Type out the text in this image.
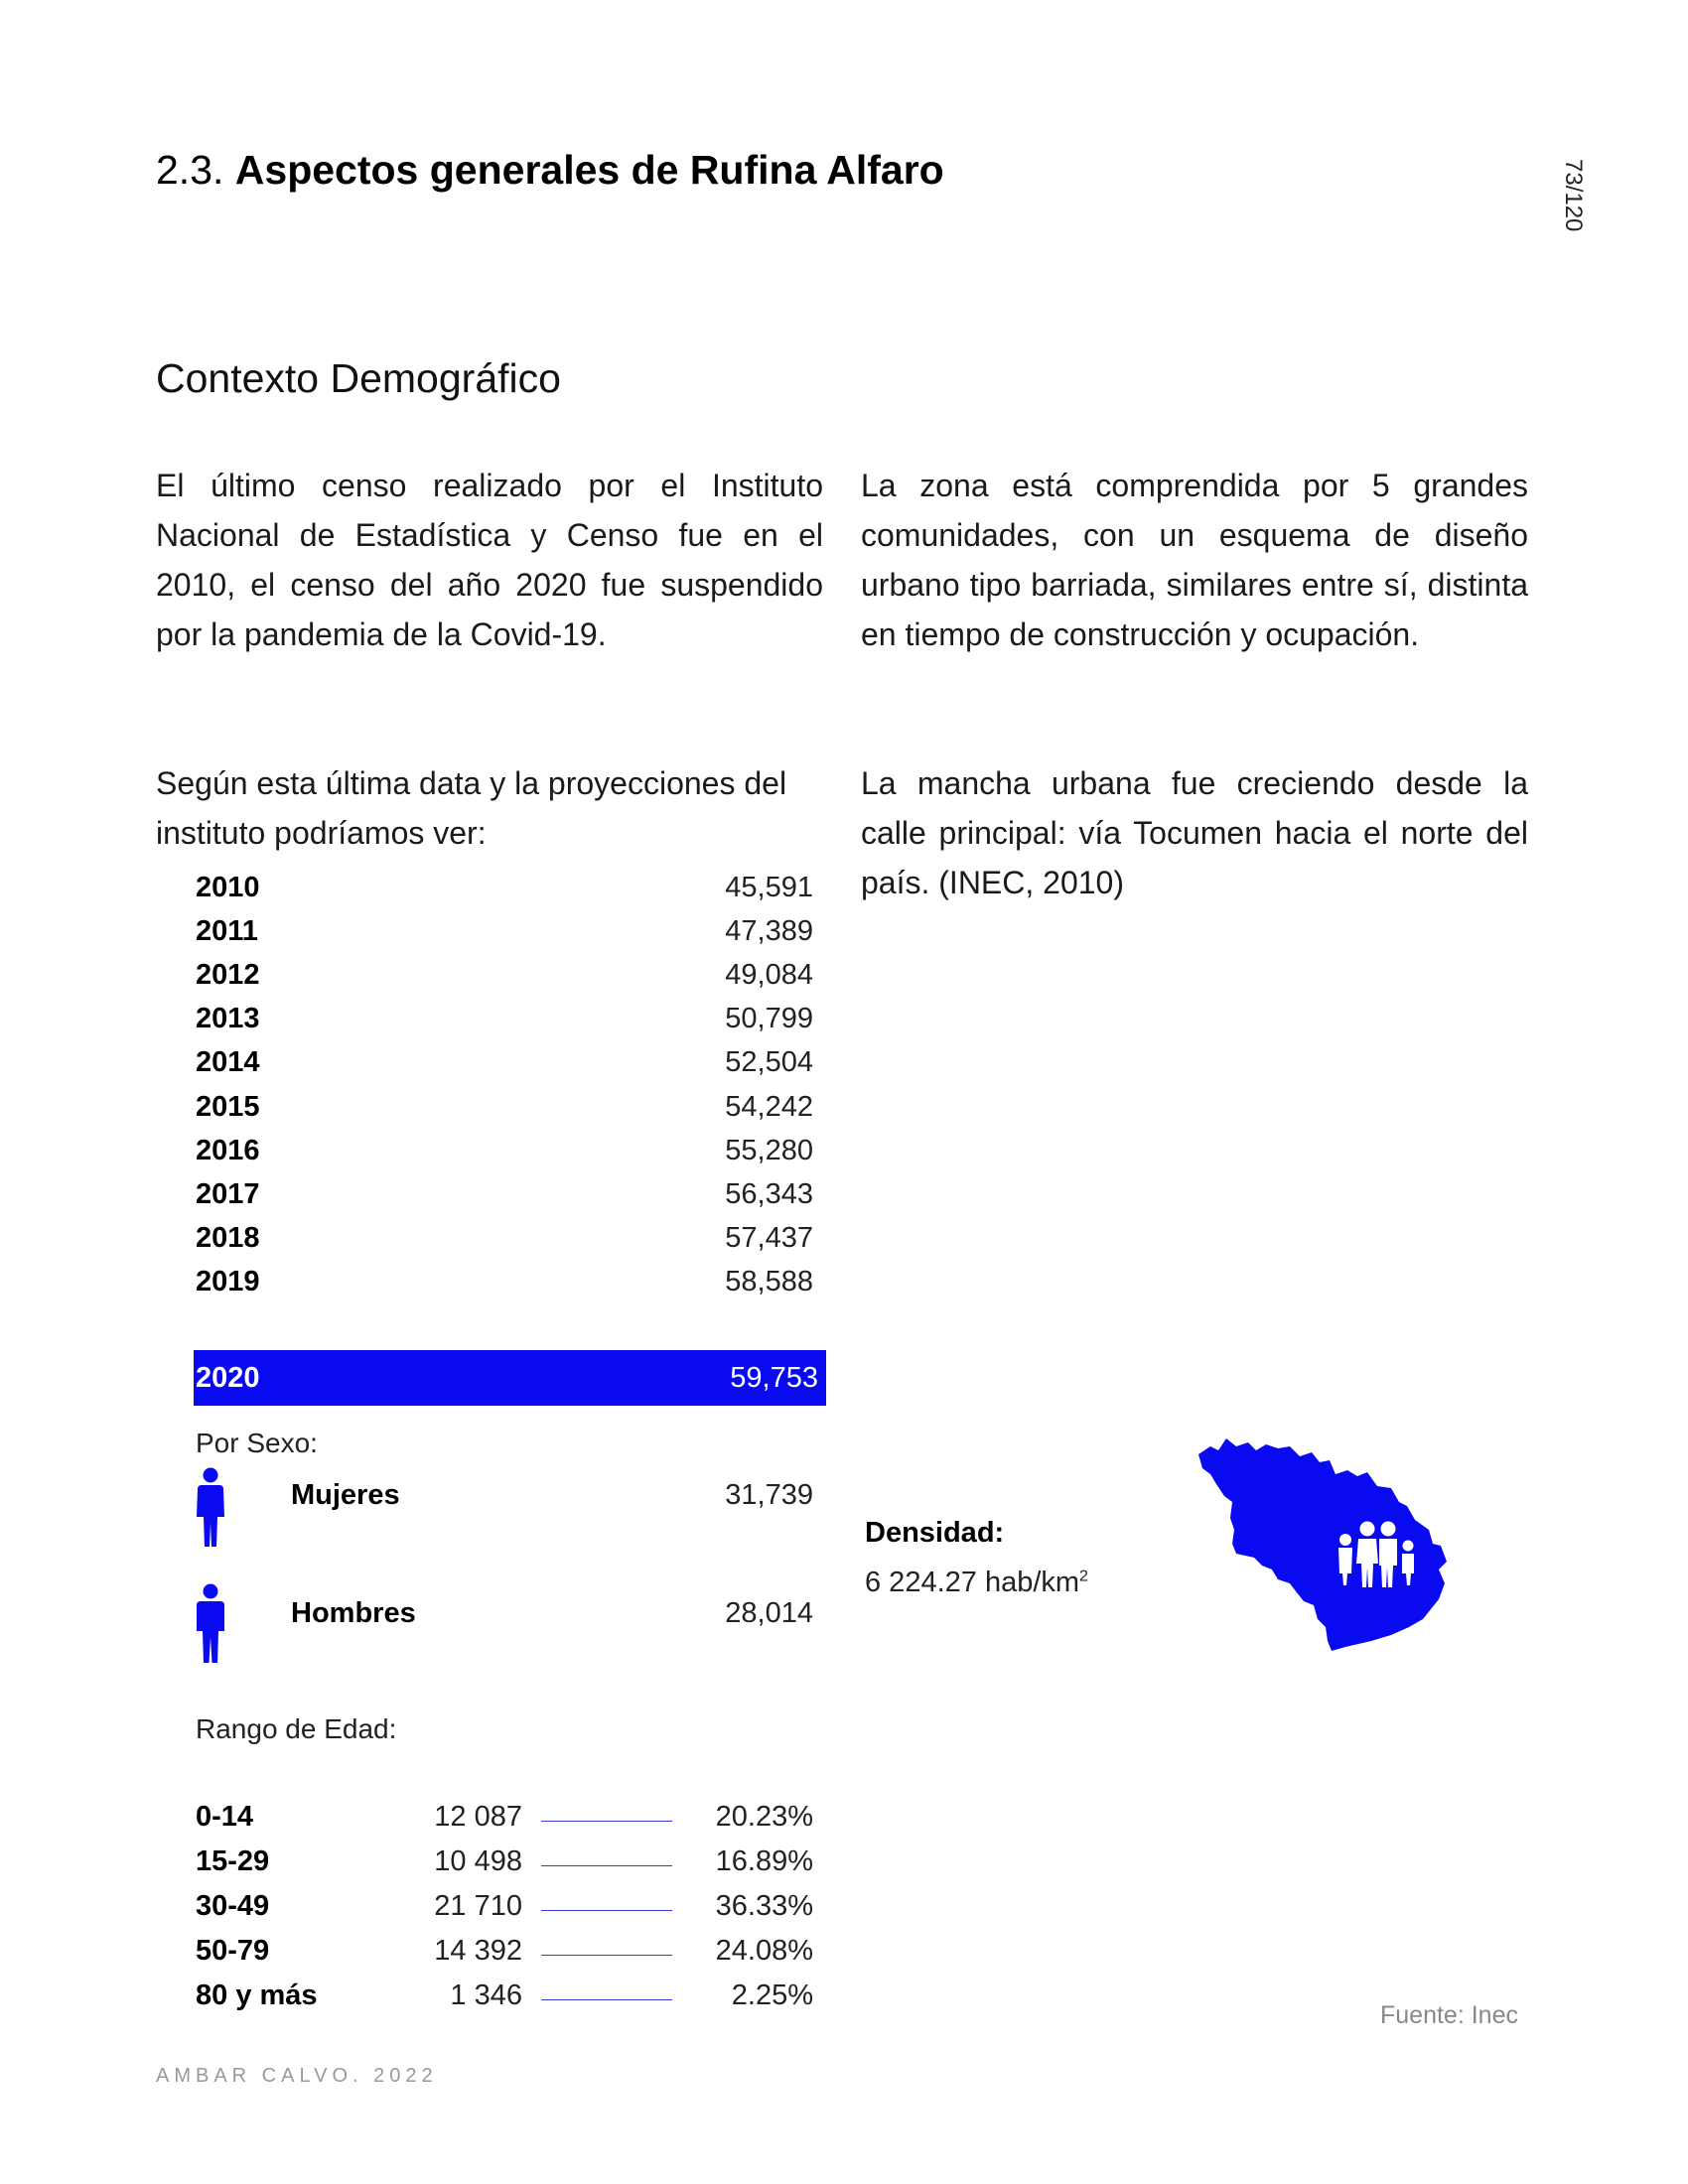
2.3. Aspectos generales de Rufina Alfaro	73/120
Contexto Demográfico
El último censo realizado por el Instituto Nacional de Estadística y Censo fue en el 2010, el censo del año 2020 fue suspendido por la pandemia de la Covid-19.
Según esta última data y la proyecciones del instituto podríamos ver:
La zona está comprendida por 5 grandes comunidades, con un esquema de diseño urbano tipo barriada, similares entre sí, distinta en tiempo de construcción y ocupación.
La mancha urbana fue creciendo desde la calle principal: vía Tocumen hacia el norte del país. (INEC, 2010)
2010	45,591
2011	47,389
2012	49,084
2013	50,799
2014	52,504
2015	54,242
2016	55,280
2017	56,343
2018	57,437
2019	58,588
2020	59,753
Por Sexo:
Mujeres	31,739
Hombres	28,014
Rango de Edad:
0-14	12 087	20.23%
15-29	10 498	16.89%
30-49	21 710	36.33%
50-79	14 392	24.08%
80 y más	1 346	2.25%
Densidad:
6 224.27 hab/$km^2$
Fuente: Inec
AMBAR CALVO. 2022
